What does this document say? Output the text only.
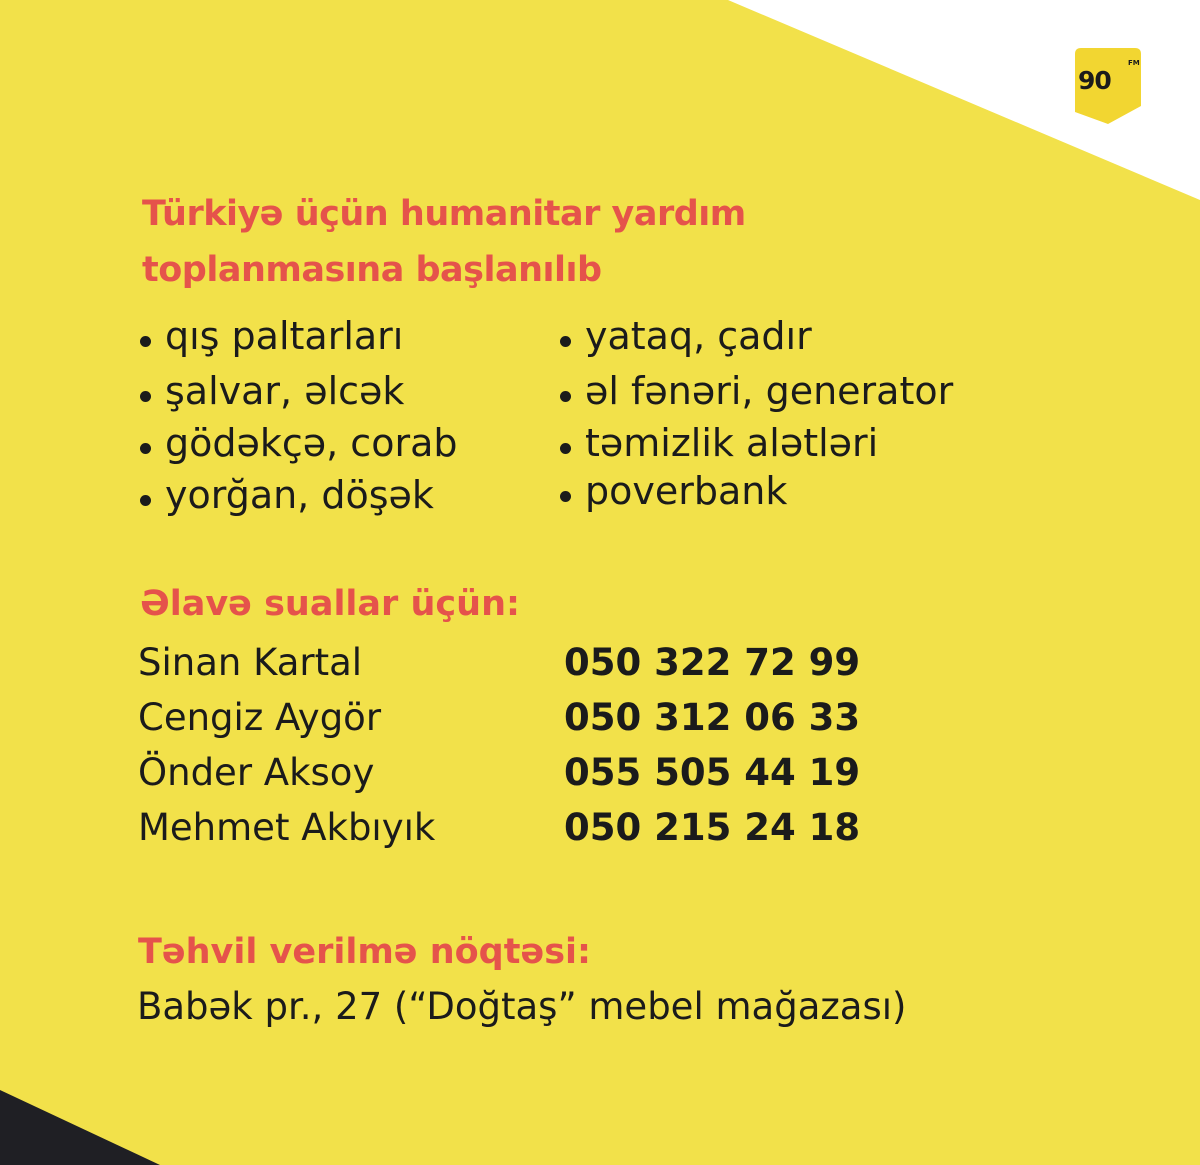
90
FM
Türkiyə üçün humanitar yardım
toplanmasına başlanılıb
qış paltarları
şalvar, əlcək
gödəkçə, corab
yorğan, döşək
yataq, çadır
əl fənəri, generator
təmizlik alətləri
poverbank
Əlavə suallar üçün:
Sinan Kartal	050 322 72 99
Cengiz Aygör	050 312 06 33
Önder Aksoy	055 505 44 19
Mehmet Akbıyık	050 215 24 18
Təhvil verilmə nöqtəsi:
Babək pr., 27 (“Doğtaş” mebel mağazası)
